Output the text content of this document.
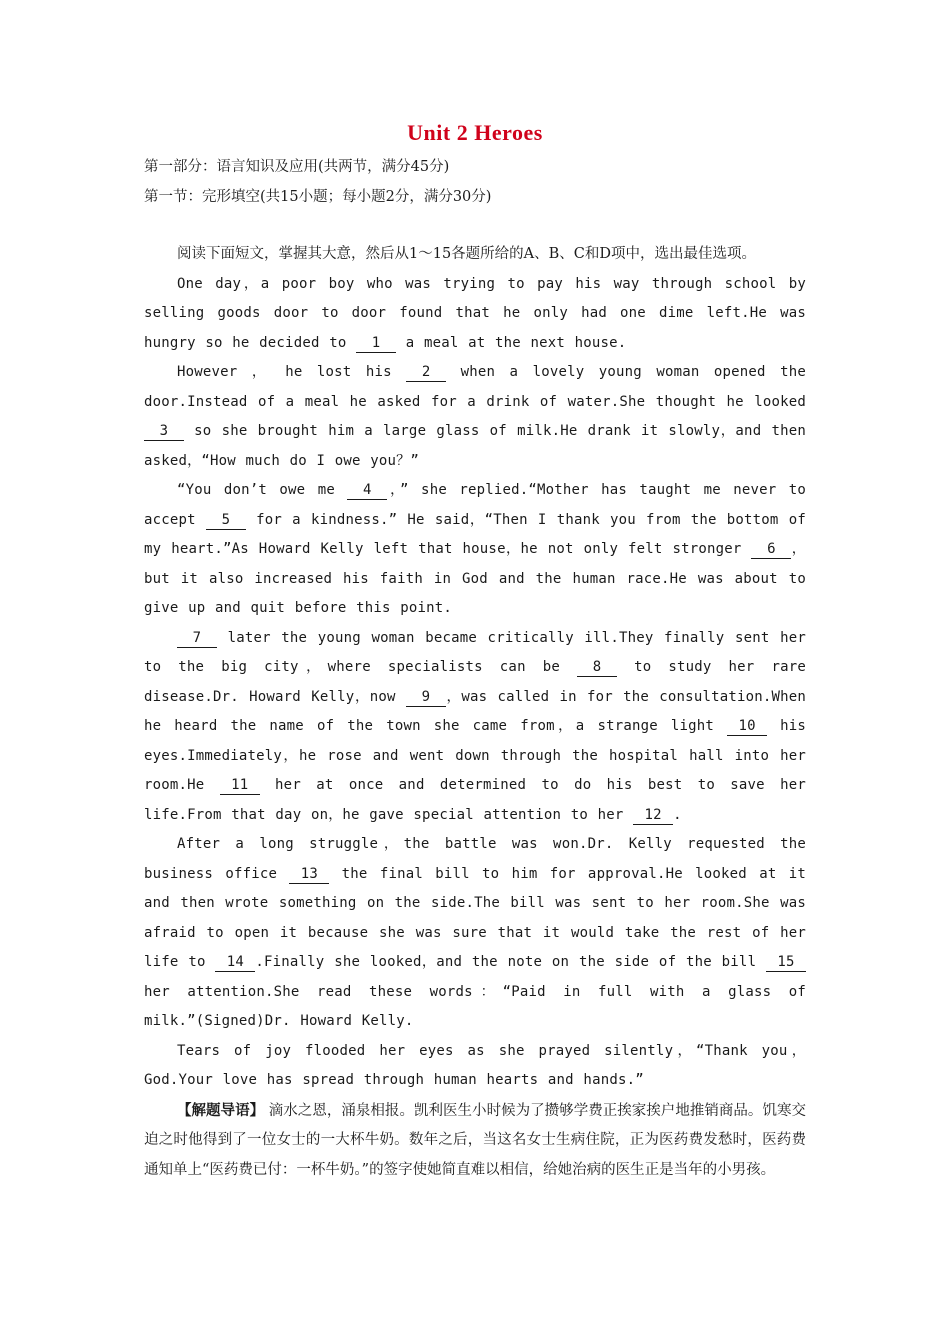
Unit 2 Heroes

第一部分：语言知识及应用(共两节，满分45分)

第一节：完形填空(共15小题；每小题2分，满分30分)

阅读下面短文，掌握其大意，然后从1～15各题所给的A、B、C和D项中，选出最佳选项。

One day，a poor boy who was trying to pay his way through school by selling goods door to door found that he only had one dime left.He was hungry so he decided to 1 a meal at the next house.

However ， he lost his 2 when a lovely young woman opened the door.Instead of a meal he asked for a drink of water.She thought he looked 3 so she brought him a large glass of milk.He drank it slowly，and then asked，“How much do I owe you？”

“You don’t owe me 4 ，” she replied.“Mother has taught me never to accept 5 for a kindness.” He said，“Then I thank you from the bottom of my heart.”As Howard Kelly left that house，he not only felt stronger 6 ，but it also increased his faith in God and the human race.He was about to give up and quit before this point.

7 later the young woman became critically ill.They finally sent her to the big city，where specialists can be 8 to study her rare disease.Dr. Howard Kelly，now 9 ，was called in for the consultation.When he heard the name of the town she came from，a strange light 10 his eyes.Immediately，he rose and went down through the hospital hall into her room.He 11 her at once and determined to do his best to save her life.From that day on，he gave special attention to her 12 .

After a long struggle，the battle was won.Dr. Kelly requested the business office 13 the final bill to him for approval.He looked at it and then wrote something on the side.The bill was sent to her room.She was afraid to open it because she was sure that it would take the rest of her life to 14 .Finally she looked，and the note on the side of the bill 15 her attention.She read these words：“Paid in full with a glass of milk.”(Signed)Dr. Howard Kelly.

Tears of joy flooded her eyes as she prayed silently，“Thank you，God.Your love has spread through human hearts and hands.”

【解题导语】 滴水之恩，涌泉相报。凯利医生小时候为了攒够学费正挨家挨户地推销商品。饥寒交迫之时他得到了一位女士的一大杯牛奶。数年之后，当这名女士生病住院，正为医药费发愁时，医药费通知单上“医药费已付：一杯牛奶。”的签字使她简直难以相信，给她治病的医生正是当年的小男孩。
